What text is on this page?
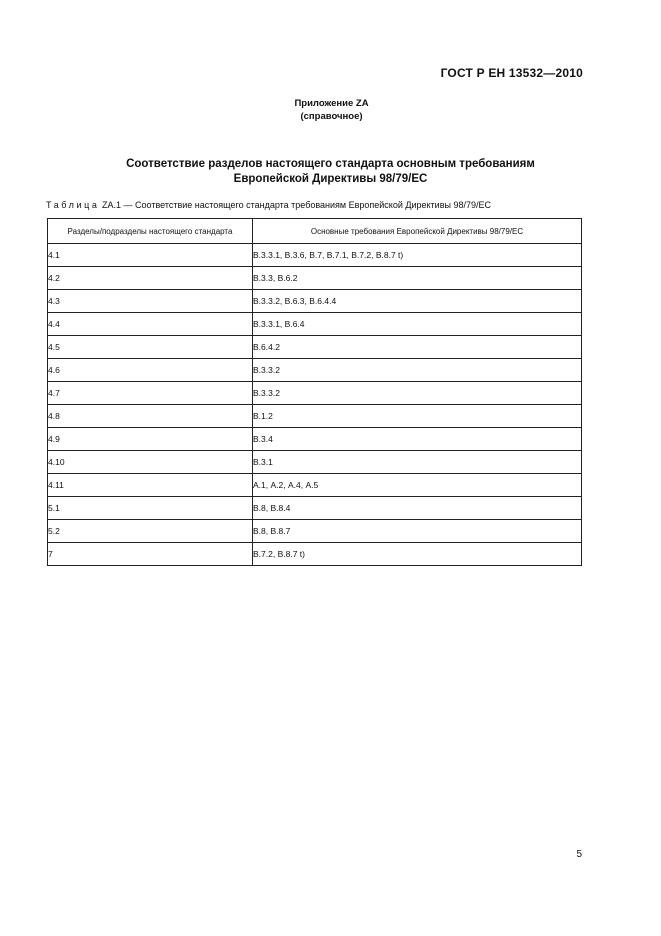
ГОСТ Р ЕН 13532—2010
Приложение ZA
(справочное)
Соответствие разделов настоящего стандарта основным требованиям
Европейской Директивы 98/79/ЕС
Таблица ZA.1 — Соответствие настоящего стандарта требованиям Европейской Директивы 98/79/ЕС
Разделы/подразделы настоящего стандарта	Основные требования Европейской Директивы 98/79/ЕС
4.1	В.3.3.1, В.3.6, В.7, В.7.1, В.7.2, В.8.7 t)
4.2	В.3.3, В.6.2
4.3	В.3.3.2, В.6.3, В.6.4.4
4.4	В.3.3.1, В.6.4
4.5	В.6.4.2
4.6	В.3.3.2
4.7	В.3.3.2
4.8	В.1.2
4.9	В.3.4
4.10	В.3.1
4.11	А.1, А.2, А.4, А.5
5.1	В.8, В.8.4
5.2	В.8, В.8.7
7	В.7.2, В.8.7 t)
5
